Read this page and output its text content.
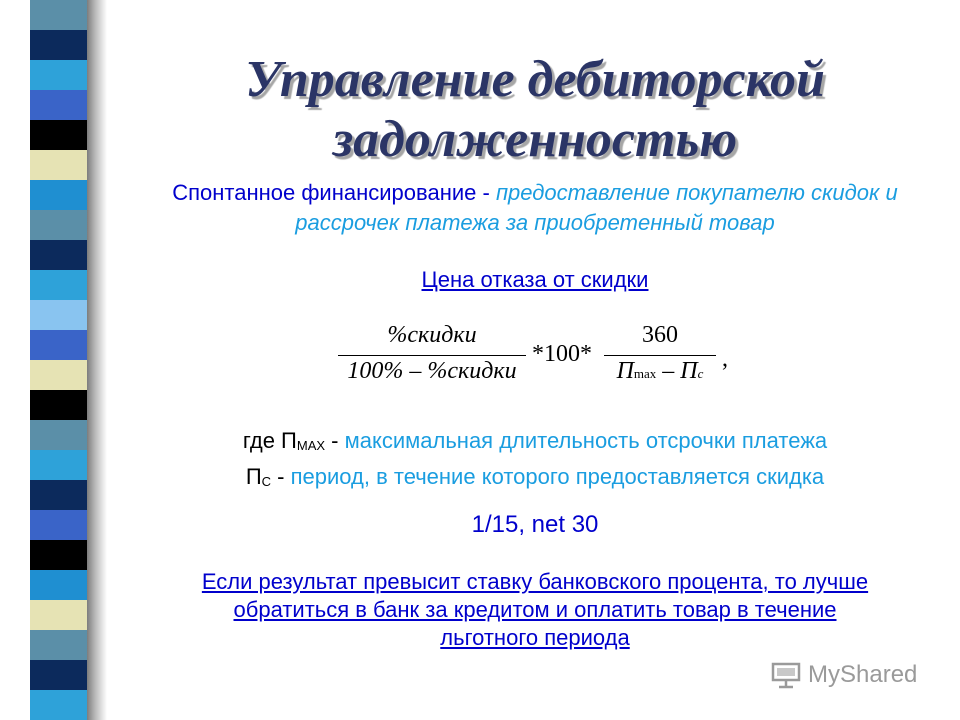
Управление дебиторской
задолженностью
Спонтанное финансирование - предоставление покупателю скидок и рассрочек платежа за приобретенный товар
Цена отказа от скидки
%скидки
100% – %скидки
*100*
360
Пmax – Пc
,
где $П_{MAX}$ - максимальная длительность отсрочки платежа
$П_С$ - период, в течение которого предоставляется скидка
1/15, net 30
Если результат превысит ставку банковского процента, то лучше
обратиться в банк за кредитом и оплатить товар в течение
льготного периода
MyShared
